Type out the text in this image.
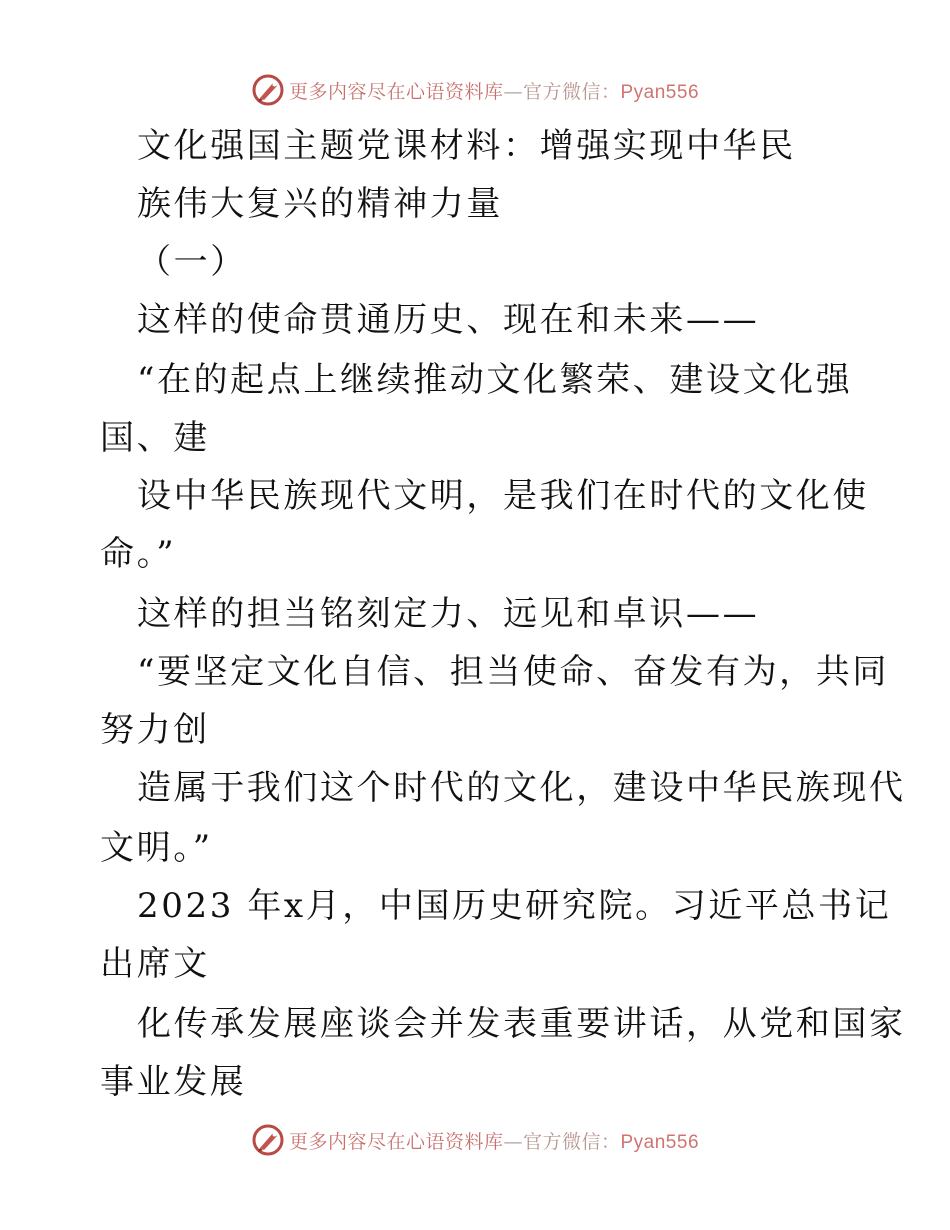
更多内容尽在心语资料库—官方微信：Pyan556
文化强国主题党课材料：增强实现中华民
族伟大复兴的精神力量
（一）
这样的使命贯通历史、现在和未来——
“在的起点上继续推动文化繁荣、建设文化强
国、建
设中华民族现代文明，是我们在时代的文化使
命。”
这样的担当铭刻定力、远见和卓识——
“要坚定文化自信、担当使命、奋发有为，共同
努力创
造属于我们这个时代的文化，建设中华民族现代
文明。”
2023 年x月，中国历史研究院。习近平总书记
出席文
化传承发展座谈会并发表重要讲话，从党和国家
事业发展
更多内容尽在心语资料库—官方微信：Pyan556
